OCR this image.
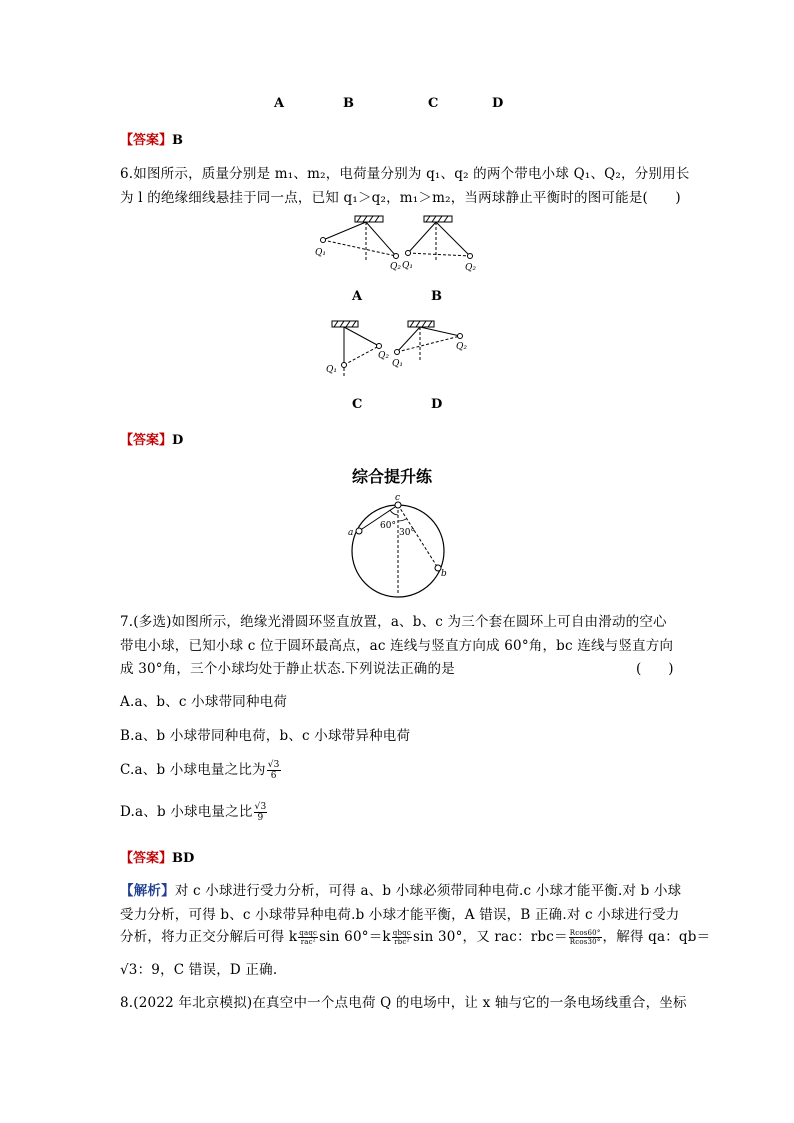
A	B	C	D
【答案】B
6.如图所示，质量分别是 m₁、m₂，电荷量分别为 q₁、q₂ 的两个带电小球 Q₁、Q₂，分别用长
为 l 的绝缘细线悬挂于同一点，已知 q₁＞q₂，m₁＞m₂，当两球静止平衡时的图可能是(　　)
Q₁
Q₂ Q₁	Q₂
A	B
Q₁
Q₂
Q₁
Q₂
C	D
【答案】D
综合提升练
c
a
b
60°
30°
7.(多选)如图所示，绝缘光滑圆环竖直放置，a、b、c 为三个套在圆环上可自由滑动的空心
带电小球，已知小球 c 位于圆环最高点，ac 连线与竖直方向成 60°角，bc 连线与竖直方向
成 30°角，三个小球均处于静止状态.下列说法正确的是	(　　)
A.a、b、c 小球带同种电荷
B.a、b 小球带同种电荷，b、c 小球带异种电荷
C.a、b 小球电量之比为 $\frac{√3}{6}$
D.a、b 小球电量之比 $\frac{√3}{9}$
【答案】BD
【解析】对 c 小球进行受力分析，可得 a、b 小球必须带同种电荷.c 小球才能平衡.对 b 小球
受力分析，可得 b、c 小球带异种电荷.b 小球才能平衡，A 错误，B 正确.对 c 小球进行受力
分析，将力正交分解后可得 k $\frac{\text{qaqc}}{\text{rac²}}$ $\sin 60^\circ=k \frac{\text{qbqc}}{\text{rbc²}}$ sin 30°，又 rac：$rbc= \frac{Rcos60^\circ}{Rcos30^\circ}$ ，解得 qa：qb＝
√3：9，C 错误，D 正确.
8.(2022 年北京模拟)在真空中一个点电荷 Q 的电场中，让 x 轴与它的一条电场线重合，坐标
